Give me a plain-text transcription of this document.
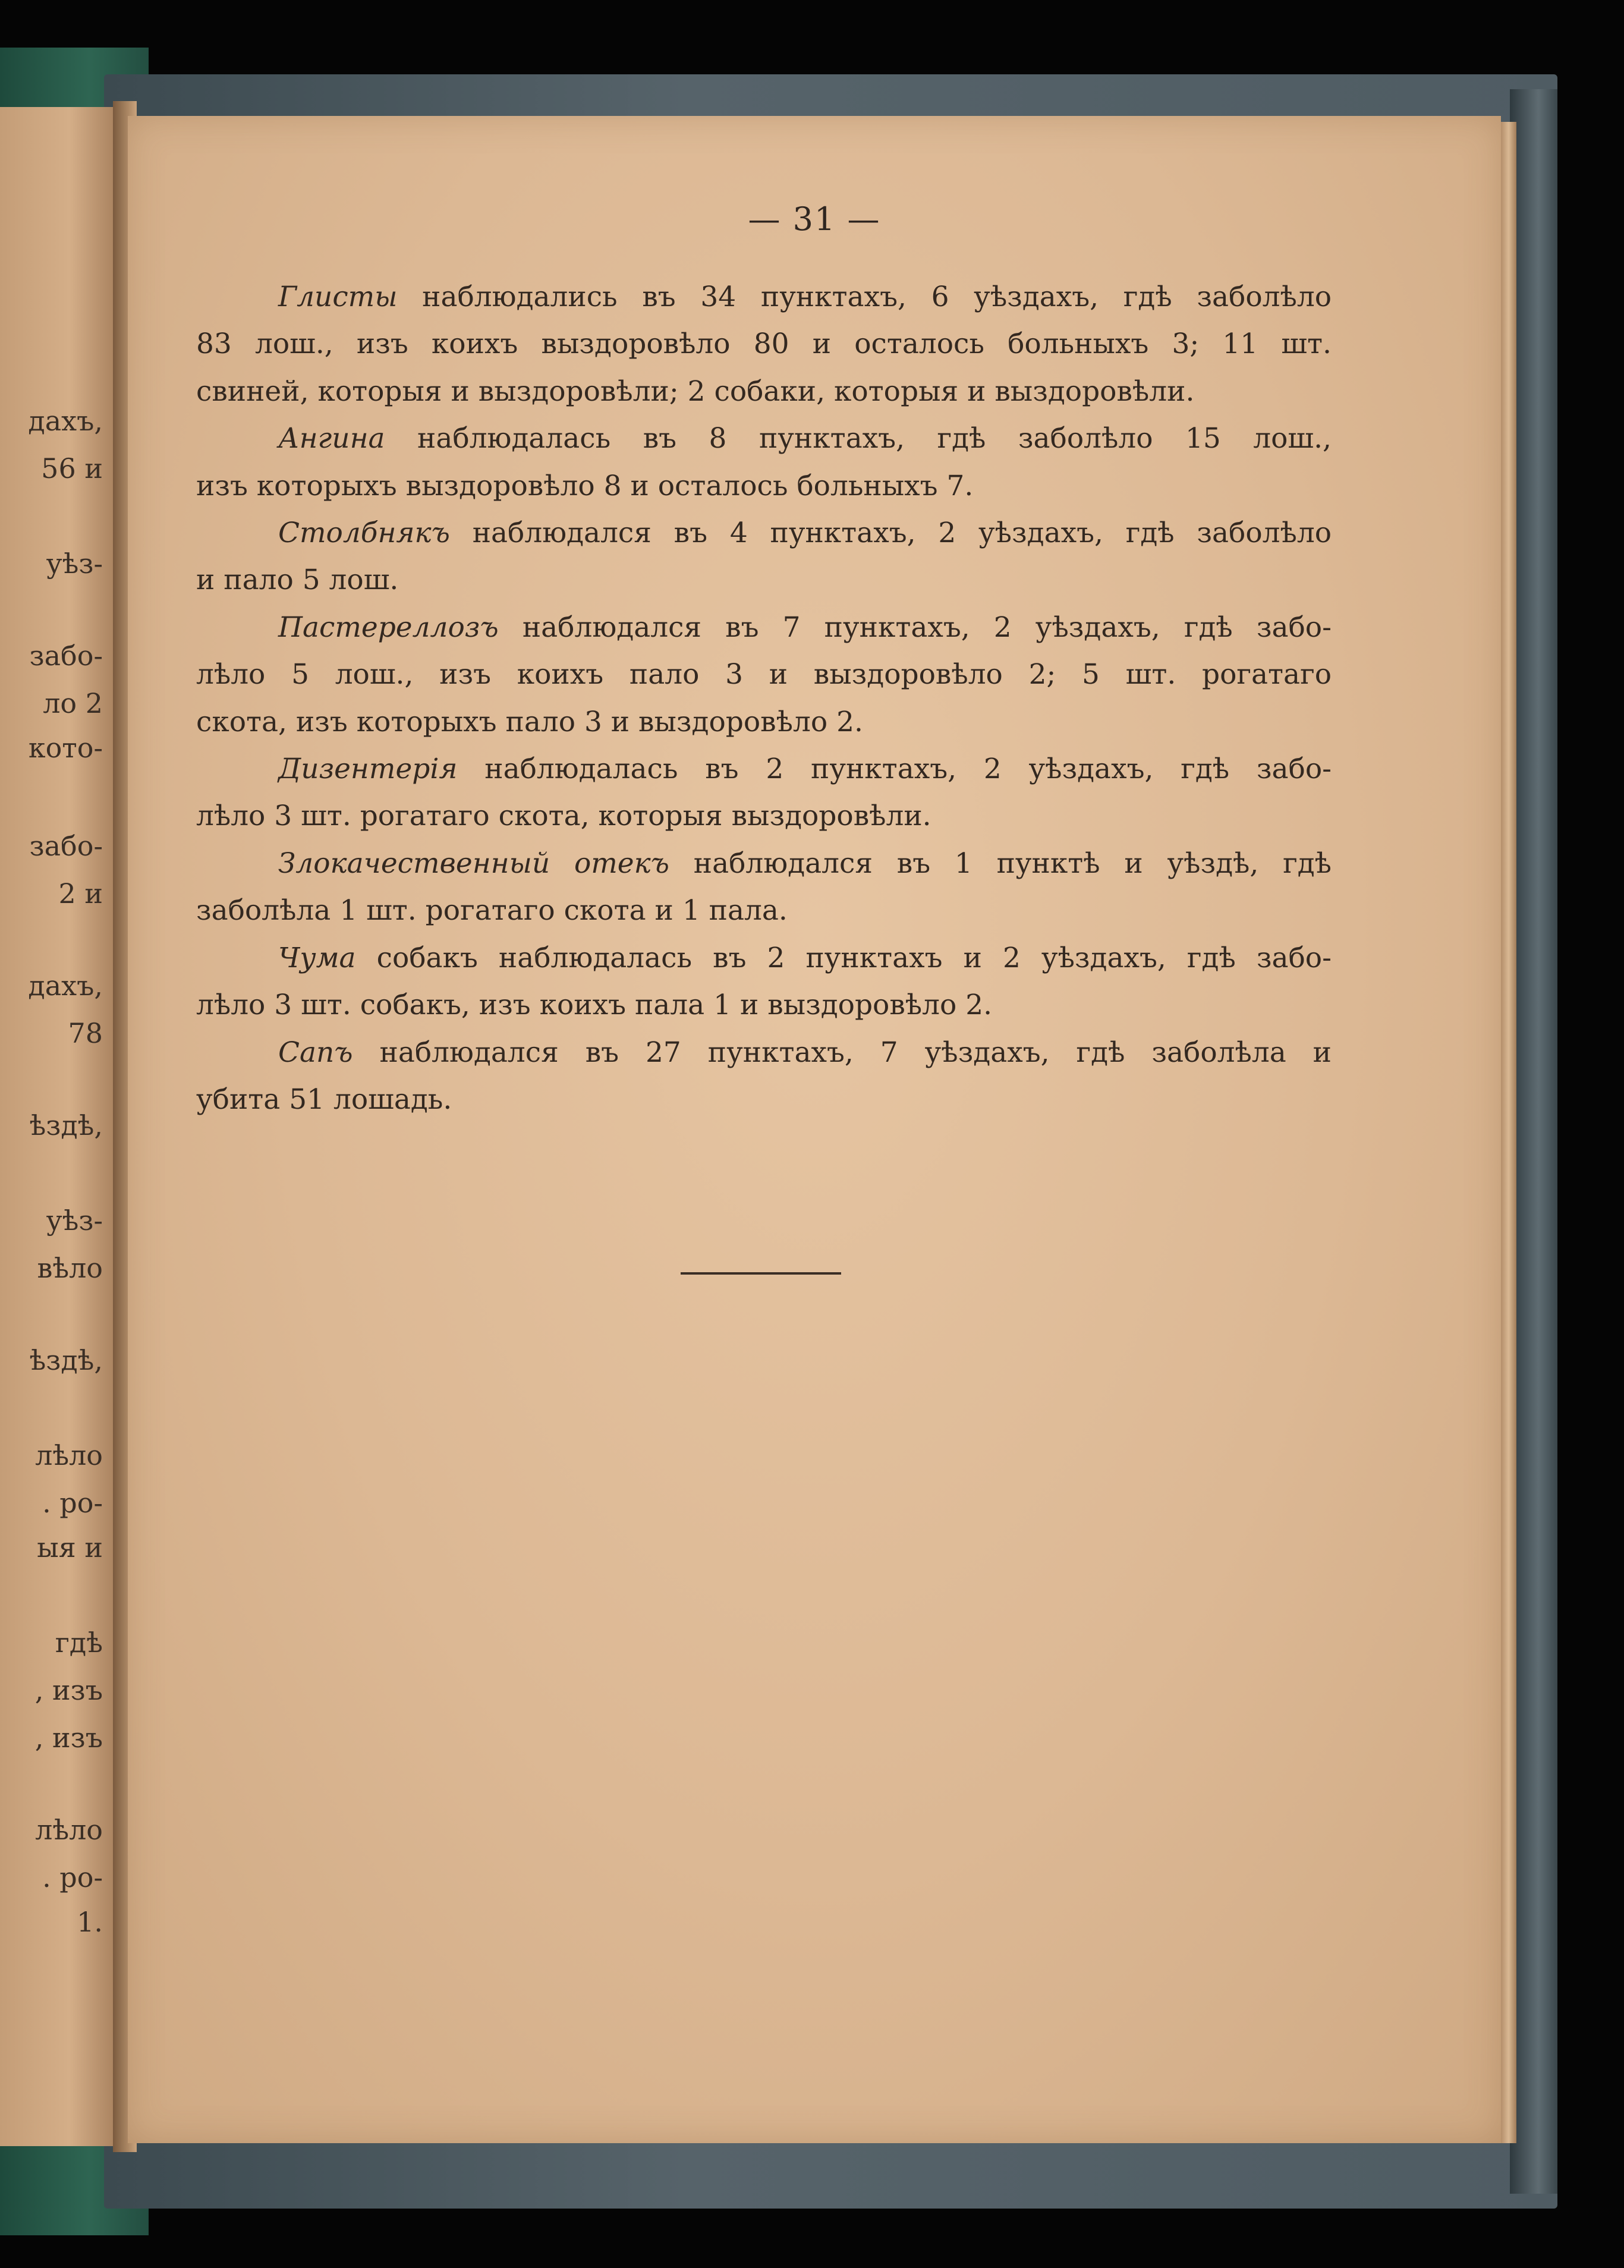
дахъ,
56 и
уѣз-
забо-
ло 2
кото-
забо-
2 и
дахъ,
78
ѣздѣ,
уѣз-
вѣло
ѣздѣ,
лѣло
. ро-
ыя и
гдѣ
, изъ
, изъ
лѣло
. ро-
1.
— 31 —
Глисты наблюдались въ 34 пунктахъ, 6 уѣздахъ, гдѣ заболѣло
83 лош., изъ коихъ выздоровѣло 80 и осталось больныхъ 3; 11 шт.
свиней, которыя и выздоровѣли; 2 собаки, которыя и выздоровѣли.
Ангина наблюдалась въ 8 пунктахъ, гдѣ заболѣло 15 лош.,
изъ которыхъ выздоровѣло 8 и осталось больныхъ 7.
Столбнякъ наблюдался въ 4 пунктахъ, 2 уѣздахъ, гдѣ заболѣло
и пало 5 лош.
Пастереллозъ наблюдался въ 7 пунктахъ, 2 уѣздахъ, гдѣ забо-
лѣло 5 лош., изъ коихъ пало 3 и выздоровѣло 2; 5 шт. рогатаго
скота, изъ которыхъ пало 3 и выздоровѣло 2.
Дизентерія наблюдалась въ 2 пунктахъ, 2 уѣздахъ, гдѣ забо-
лѣло 3 шт. рогатаго скота, которыя выздоровѣли.
Злокачественный отекъ наблюдался въ 1 пунктѣ и уѣздѣ, гдѣ
заболѣла 1 шт. рогатаго скота и 1 пала.
Чума собакъ наблюдалась въ 2 пунктахъ и 2 уѣздахъ, гдѣ забо-
лѣло 3 шт. собакъ, изъ коихъ пала 1 и выздоровѣло 2.
Сапъ наблюдался въ 27 пунктахъ, 7 уѣздахъ, гдѣ заболѣла и
убита 51 лошадь.
